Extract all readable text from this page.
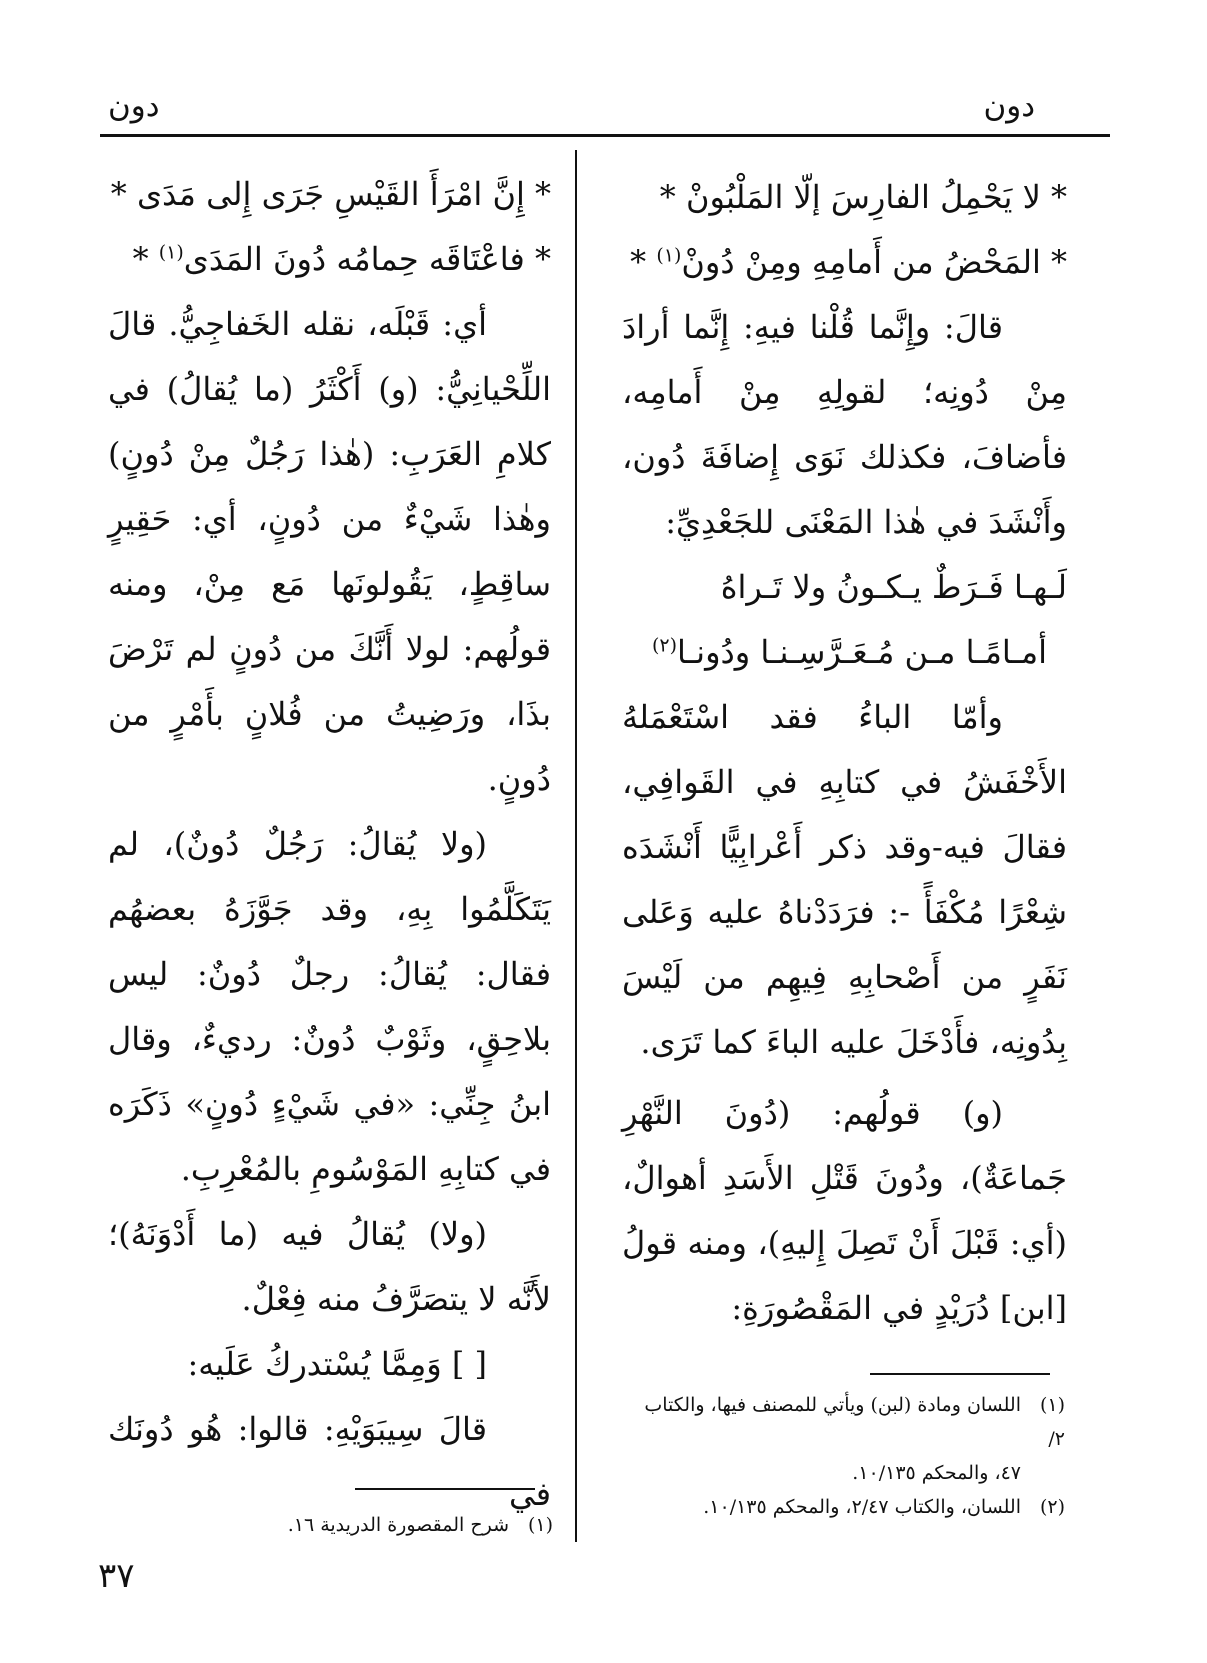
دون
دون
* لا يَحْمِلُ الفارِسَ إلّا المَلْبُونْ *
* المَحْضُ من أَمامِهِ ومِنْ دُونْ$^{(١)}$ *

قالَ: وإِنَّما قُلْنا فيهِ: إِنَّما أرادَ مِنْ دُونِه؛ لقولِهِ مِنْ أَمامِه، فأضافَ، فكذلك نَوَى إِضافَةَ دُون، وأَنْشَدَ في هٰذا المَعْنَى للجَعْدِيِّ:

لَـهـا فَـرَطٌ يـكـونُ ولا تَـراهُ
أمـامًـا مـن مُـعَـرَّسِـنـا ودُونـا$^{(٢)}$

وأمّا الباءُ فقد اسْتَعْمَلهُ الأَخْفَشُ في كتابِهِ في القَوافِي، فقالَ فيه-وقد ذكر أَعْرابِيًّا أَنْشَدَه شِعْرًا مُكْفَأً -: فرَدَدْناهُ عليه وَعَلى نَفَرٍ من أَصْحابِهِ فِيهِم من لَيْسَ بِدُونِه، فأَدْخَلَ عليه الباءَ كما تَرَى.

(و) قولُهم: (دُونَ النَّهْرِ جَماعَةٌ)، ودُونَ قَتْلِ الأَسَدِ أهوالٌ، (أي: قَبْلَ أَنْ تَصِلَ إِليهِ)، ومنه قولُ [ابن] دُرَيْدٍ في المَقْصُورَةِ:

(١)اللسان ومادة (لبن) ويأتي للمصنف فيها، والكتاب ٢/
٤٧، والمحكم ١٠/١٣٥.

(٢)اللسان، والكتاب ٢/٤٧، والمحكم ١٠/١٣٥.

* إِنَّ امْرَأَ القَيْسِ جَرَى إِلى مَدَى *
* فاعْتَاقَه حِمامُه دُونَ المَدَى$^{(١)}$ *

أي: قَبْلَه، نقله الخَفاجِيُّ. قالَ اللِّحْيانِيُّ: (و) أَكْثَرُ (ما يُقالُ) في كلامِ العَرَبِ: (هٰذا رَجُلٌ مِنْ دُونٍ) وهٰذا شَيْءٌ من دُونٍ، أي: حَقِيرٍ ساقِطٍ، يَقُولونَها مَع مِنْ، ومنه قولُهم: لولا أَنَّكَ من دُونٍ لم تَرْضَ بذَا، ورَضِيتُ من فُلانٍ بأَمْرٍ من دُونٍ.

(ولا يُقالُ: رَجُلٌ دُونٌ)، لم يَتَكَلَّمُوا بِهِ، وقد جَوَّزَهُ بعضهُم فقال: يُقالُ: رجلٌ دُونٌ: ليس بلاحِقٍ، وثَوْبٌ دُونٌ: رديءٌ، وقال ابنُ جِنِّي: «في شَيْءٍ دُونٍ» ذَكَرَه في كتابِهِ المَوْسُومِ بالمُعْرِبِ.

(ولا) يُقالُ فيه (ما أَدْوَنَهُ)؛ لأَنَّه لا يتصَرَّفُ منه فِعْلٌ.

[ ] وَمِمَّا يُسْتدركُ عَلَيه:

قالَ سِيبَوَيْهِ: قالوا: هُو دُونَك في

(١)شرح المقصورة الدريدية ١٦.

٣٧
